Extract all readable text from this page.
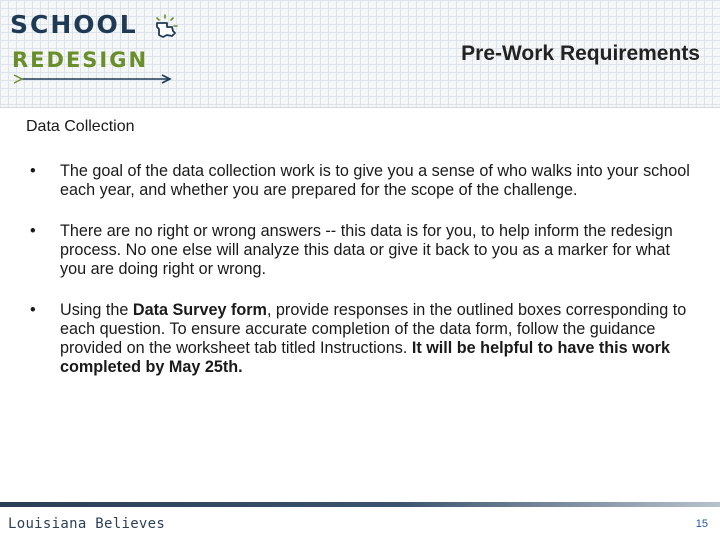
SCHOOL
REDESIGN	Pre-Work Requirements
Data Collection
• The goal of the data collection work is to give you a sense of who walks into your school each year, and whether you are prepared for the scope of the challenge.
• There are no right or wrong answers -- this data is for you, to help inform the redesign process. No one else will analyze this data or give it back to you as a marker for what you are doing right or wrong.
• Using the Data Survey form, provide responses in the outlined boxes corresponding to each question. To ensure accurate completion of the data form, follow the guidance provided on the worksheet tab titled Instructions. It will be helpful to have this work completed by May 25th.
Louisiana Believes	15
